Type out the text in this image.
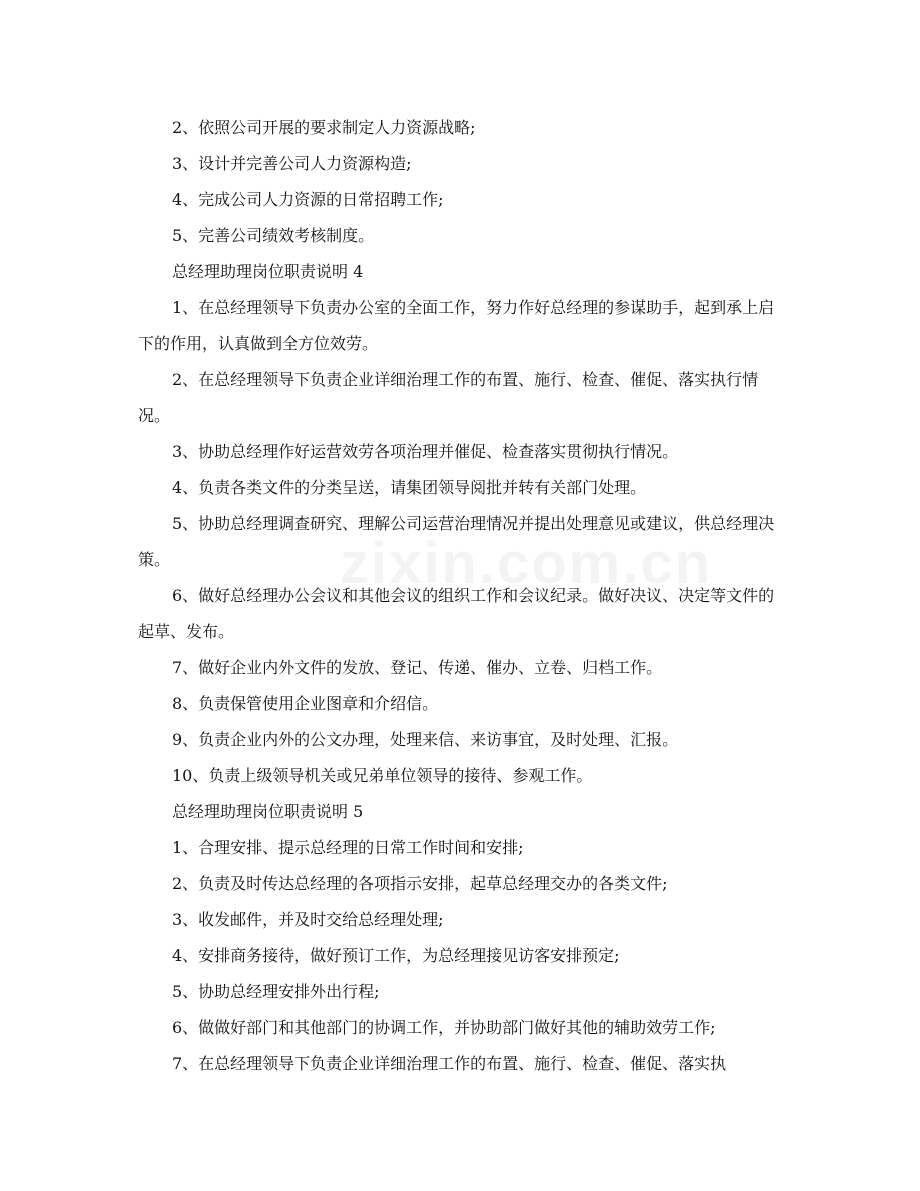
2、依照公司开展的要求制定人力资源战略;

3、设计并完善公司人力资源构造;

4、完成公司人力资源的日常招聘工作;

5、完善公司绩效考核制度。

总经理助理岗位职责说明 4

1、在总经理领导下负责办公室的全面工作，努力作好总经理的参谋助手，起到承上启下的作用，认真做到全方位效劳。

2、在总经理领导下负责企业详细治理工作的布置、施行、检查、催促、落实执行情况。

3、协助总经理作好运营效劳各项治理并催促、检查落实贯彻执行情况。

4、负责各类文件的分类呈送，请集团领导阅批并转有关部门处理。

5、协助总经理调查研究、理解公司运营治理情况并提出处理意见或建议，供总经理决策。

6、做好总经理办公会议和其他会议的组织工作和会议纪录。做好决议、决定等文件的起草、发布。

7、做好企业内外文件的发放、登记、传递、催办、立卷、归档工作。

8、负责保管使用企业图章和介绍信。

9、负责企业内外的公文办理，处理来信、来访事宜，及时处理、汇报。

10、负责上级领导机关或兄弟单位领导的接待、参观工作。

总经理助理岗位职责说明 5

1、合理安排、提示总经理的日常工作时间和安排;

2、负责及时传达总经理的各项指示安排，起草总经理交办的各类文件;

3、收发邮件，并及时交给总经理处理;

4、安排商务接待，做好预订工作，为总经理接见访客安排预定;

5、协助总经理安排外出行程;

6、做做好部门和其他部门的协调工作，并协助部门做好其他的辅助效劳工作;

7、在总经理领导下负责企业详细治理工作的布置、施行、检查、催促、落实执
